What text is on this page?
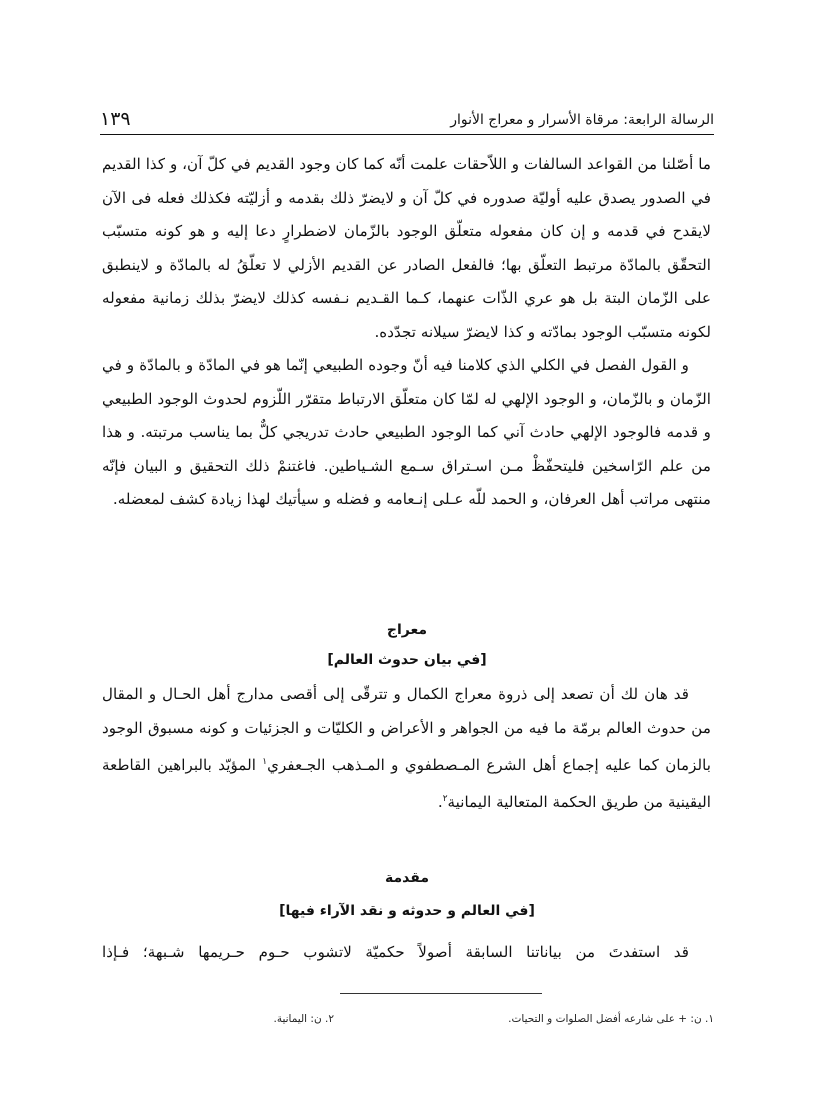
١٣٩	الرسالة الرابعة: مرقاة الأسرار و معراج الأنوار

ما أصّلنا من القواعد السالفات و اللاّحقات علمت أنّه كما كان وجود القديم في كلّ آن، و كذا القديم في الصدور يصدق عليه أوليّة صدوره في كلّ آن و لايضرّ ذلك بقدمه و أزليّته فكذلك فعله فى الآن لايقدح في قدمه و إن كان مفعوله متعلّق الوجود بالزّمان لاضطرارٍ دعا إليه و هو كونه متسبّب التحقّق بالمادّة مرتبط التعلّق بها؛ فالفعل الصادر عن القديم الأزلي لا تعلّقُ له بالمادّة و لاينطبق على الزّمان البتة بل هو عري الذّات عنهما، كـما القـديم نـفسه كذلك لايضرّ بذلك زمانية مفعوله لكونه متسبّب الوجود بمادّته و كذا لايضرّ سيلانه تجدّده.

و القول الفصل في الكلي الذي كلامنا فيه أنّ وجوده الطبيعي إنّما هو في المادّة و بالمادّة و في الزّمان و بالزّمان، و الوجود الإلهي له لمّا كان متعلّق الارتباط متقرّر اللّزوم لحدوث الوجود الطبيعي و قدمه فالوجود الإلهي حادث آني كما الوجود الطبيعي حادث تدريجي كلٌّ بما يناسب مرتبته. و هذا من علم الرّاسخين فليتحفّظْ مـن اسـتراق سـمع الشـياطين. فاغتنمْ ذلك التحقيق و البيان فإنّه منتهى مراتب أهل العرفان، و الحمد للّه عـلى إنـعامه و فضله و سيأتيك لهذا زيادة كشف لمعضله.

معراج
[في بيان حدوث العالم]

قد هان لك أن تصعد إلى ذروة معراج الكمال و تترقّى إلى أقصى مدارج أهل الحـال و المقال من حدوث العالم برمّة ما فيه من الجواهر و الأعراض و الكليّات و الجزئيات و كونه مسبوق الوجود بالزمان كما عليه إجماع أهل الشرع المـصطفوي و المـذهب الجـعفري$^١$ المؤيّد بالبراهين القاطعة اليقينية من طريق الحكمة المتعالية اليمانية$^٢$.

مقدمة
[في العالم و حدوثه و نقد الآراء فيها]

قد استفدتَ من بياناتنا السابقة أصولاً حكميّة لاتشوب حـوم حـريمها شـبهة؛ فـإذا

١. ن: + على شارعه أفضل الصلوات و التحيات.
٢. ن: اليمانية.
